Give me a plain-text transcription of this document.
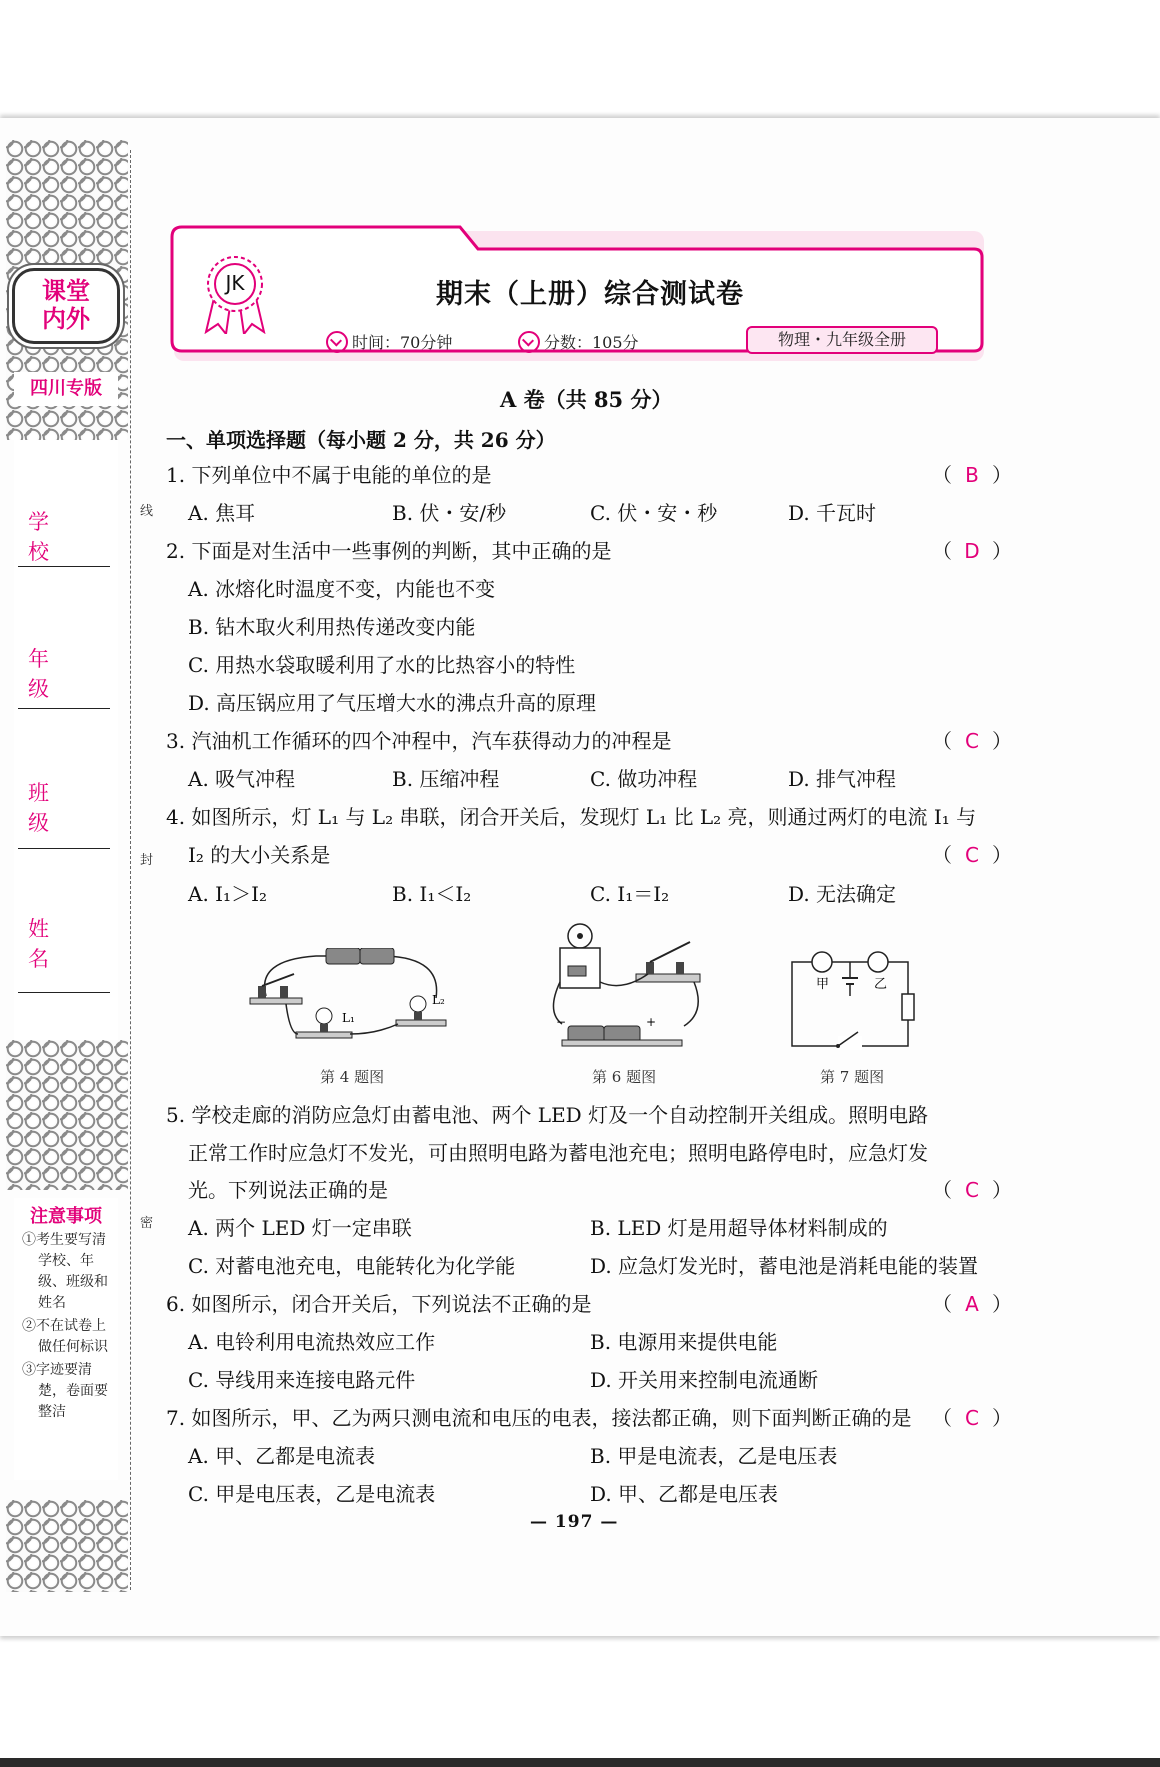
课堂
内外
四川专版
学 校
年 级
班 级
姓 名
注意事项
①考生要写清学校、年级、班级和姓名
②不在试卷上做任何标识
③字迹要清楚，卷面要整洁
线
封
密
JK	期末（上册）综合测试卷
时间：70分钟	分数：105分	物理・九年级全册
A 卷（共 85 分）
一、单项选择题（每小题 2 分，共 26 分）
1. 下列单位中不属于电能的单位的是	（ B ）
A. 焦耳	B. 伏・安/秒	C. 伏・安・秒	D. 千瓦时
2. 下面是对生活中一些事例的判断，其中正确的是	（ D ）
A. 冰熔化时温度不变，内能也不变
B. 钻木取火利用热传递改变内能
C. 用热水袋取暖利用了水的比热容小的特性
D. 高压锅应用了气压增大水的沸点升高的原理
3. 汽油机工作循环的四个冲程中，汽车获得动力的冲程是	（ C ）
A. 吸气冲程	B. 压缩冲程	C. 做功冲程	D. 排气冲程
4. 如图所示，灯 L₁ 与 L₂ 串联，闭合开关后，发现灯 L₁ 比 L₂ 亮，则通过两灯的电流 I₁ 与
I₂ 的大小关系是	（ C ）
A. I₁＞I₂	B. I₁＜I₂	C. I₁＝I₂	D. 无法确定
L₁
L₂
第 4 题图
−	+
第 6 题图
甲	乙
第 7 题图
5. 学校走廊的消防应急灯由蓄电池、两个 LED 灯及一个自动控制开关组成。照明电路
正常工作时应急灯不发光，可由照明电路为蓄电池充电；照明电路停电时，应急灯发
光。下列说法正确的是	（ C ）
A. 两个 LED 灯一定串联	B. LED 灯是用超导体材料制成的
C. 对蓄电池充电，电能转化为化学能	D. 应急灯发光时，蓄电池是消耗电能的装置
6. 如图所示，闭合开关后，下列说法不正确的是	（ A ）
A. 电铃利用电流热效应工作	B. 电源用来提供电能
C. 导线用来连接电路元件	D. 开关用来控制电流通断
7. 如图所示，甲、乙为两只测电流和电压的电表，接法都正确，则下面判断正确的是 （ C ）
A. 甲、乙都是电流表	B. 甲是电流表，乙是电压表
C. 甲是电压表，乙是电流表	D. 甲、乙都是电压表
— 197 —
